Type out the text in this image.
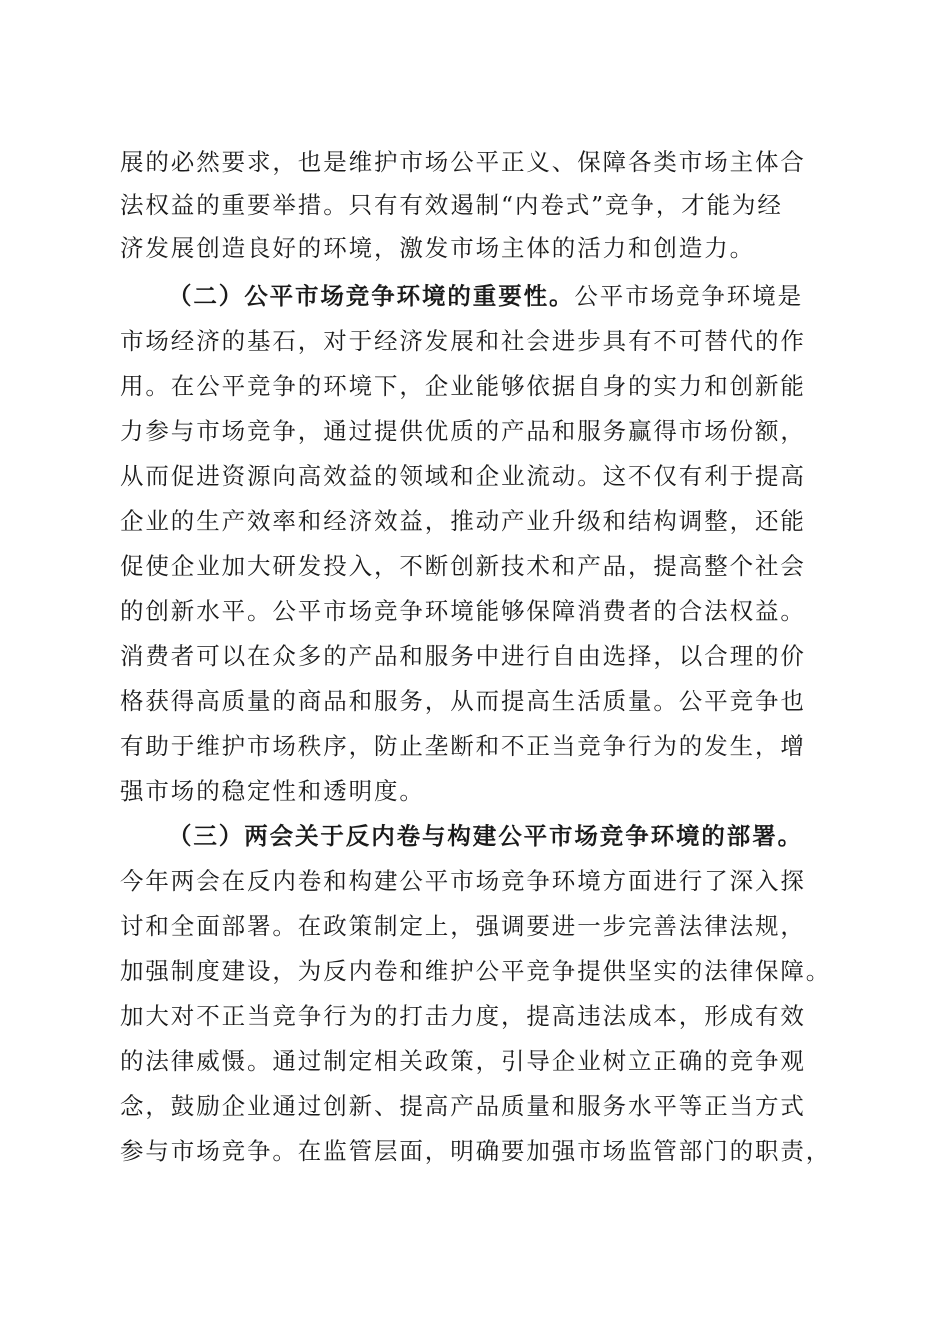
展的必然要求，也是维护市场公平正义、保障各类市场主体合
法权益的重要举措。只有有效遏制“内卷式”竞争，才能为经
济发展创造良好的环境，激发市场主体的活力和创造力。
（二）公平市场竞争环境的重要性。公平市场竞争环境是
市场经济的基石，对于经济发展和社会进步具有不可替代的作
用。在公平竞争的环境下，企业能够依据自身的实力和创新能
力参与市场竞争，通过提供优质的产品和服务赢得市场份额，
从而促进资源向高效益的领域和企业流动。这不仅有利于提高
企业的生产效率和经济效益，推动产业升级和结构调整，还能
促使企业加大研发投入，不断创新技术和产品，提高整个社会
的创新水平。公平市场竞争环境能够保障消费者的合法权益。
消费者可以在众多的产品和服务中进行自由选择，以合理的价
格获得高质量的商品和服务，从而提高生活质量。公平竞争也
有助于维护市场秩序，防止垄断和不正当竞争行为的发生，增
强市场的稳定性和透明度。
（三）两会关于反内卷与构建公平市场竞争环境的部署。
今年两会在反内卷和构建公平市场竞争环境方面进行了深入探
讨和全面部署。在政策制定上，强调要进一步完善法律法规，
加强制度建设，为反内卷和维护公平竞争提供坚实的法律保障。
加大对不正当竞争行为的打击力度，提高违法成本，形成有效
的法律威慑。通过制定相关政策，引导企业树立正确的竞争观
念，鼓励企业通过创新、提高产品质量和服务水平等正当方式
参与市场竞争。在监管层面，明确要加强市场监管部门的职责，
